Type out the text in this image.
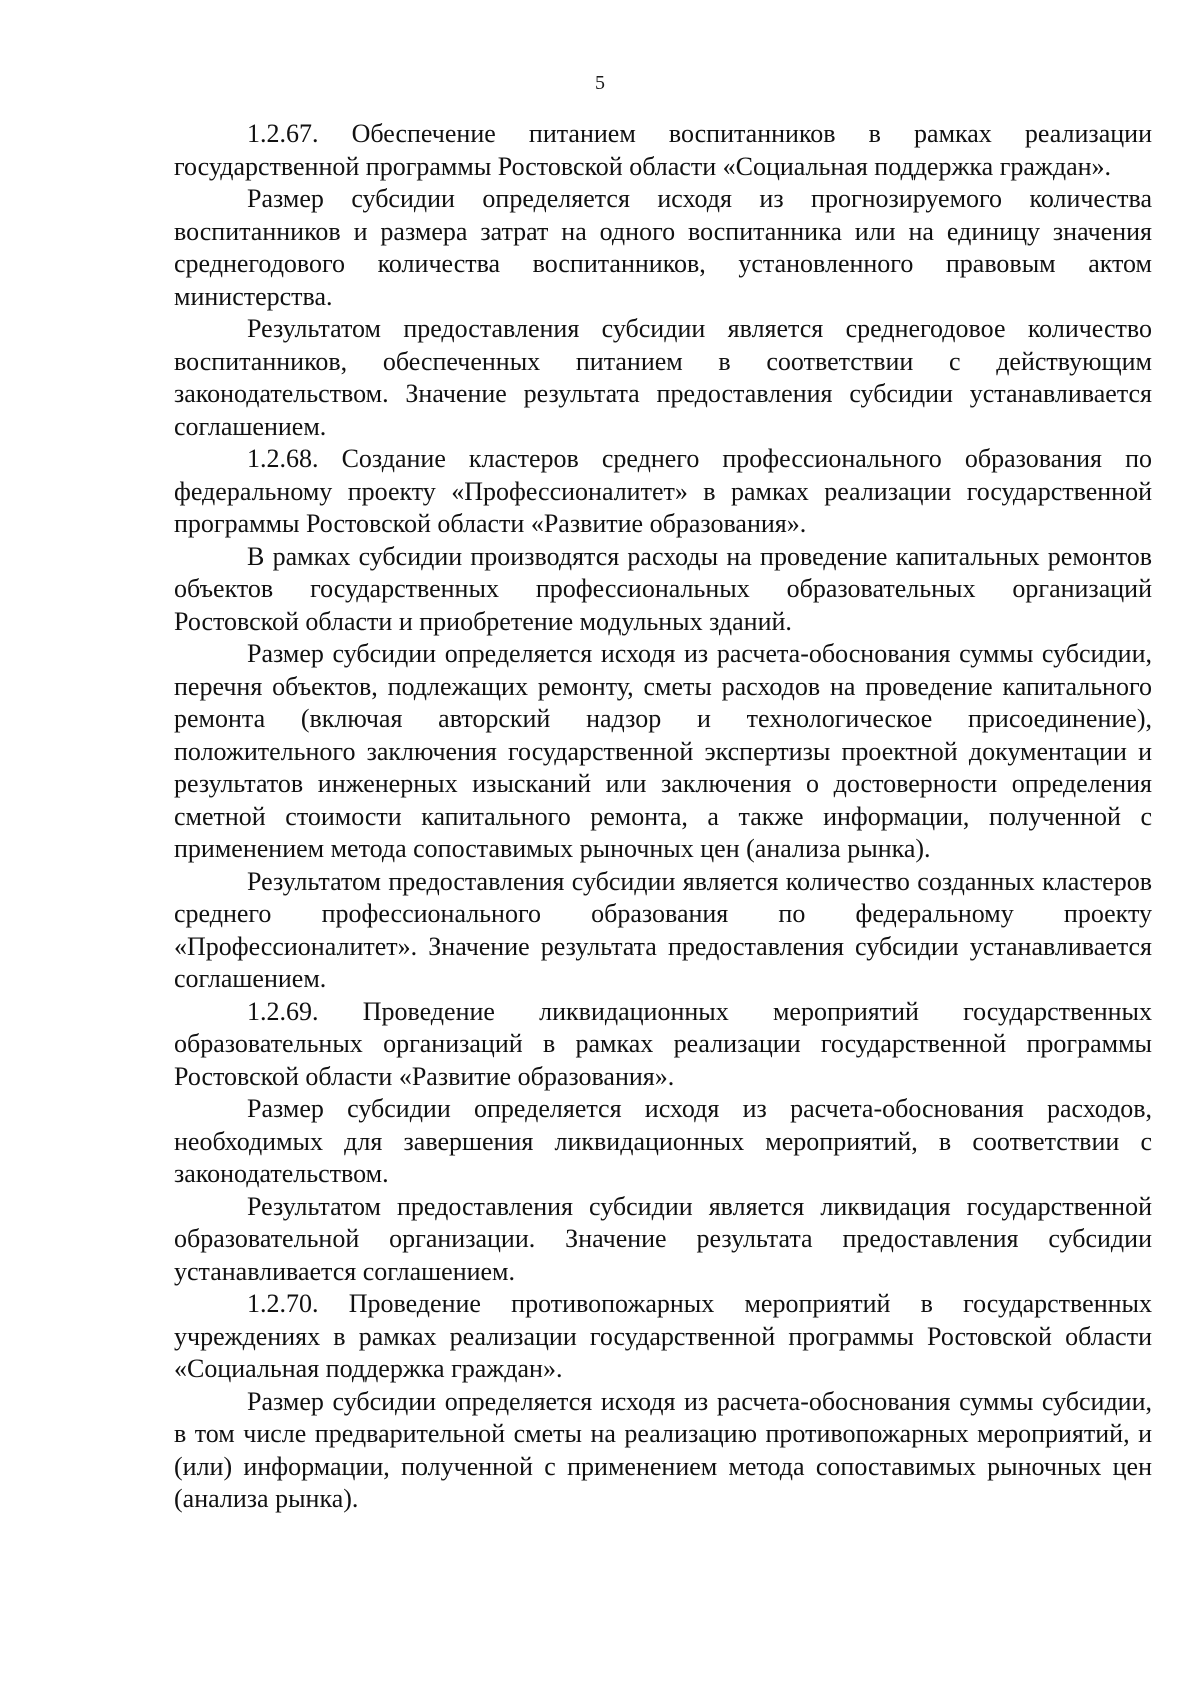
5

1.2.67. Обеспечение питанием воспитанников в рамках реализации государственной программы Ростовской области «Социальная поддержка граждан».

Размер субсидии определяется исходя из прогнозируемого количества воспитанников и размера затрат на одного воспитанника или на единицу значения среднегодового количества воспитанников, установленного правовым актом министерства.

Результатом предоставления субсидии является среднегодовое количество воспитанников, обеспеченных питанием в соответствии с действующим законодательством. Значение результата предоставления субсидии устанавливается соглашением.

1.2.68. Создание кластеров среднего профессионального образования по федеральному проекту «Профессионалитет» в рамках реализации государственной программы Ростовской области «Развитие образования».

В рамках субсидии производятся расходы на проведение капитальных ремонтов объектов государственных профессиональных образовательных организаций Ростовской области и приобретение модульных зданий.

Размер субсидии определяется исходя из расчета-обоснования суммы субсидии, перечня объектов, подлежащих ремонту, сметы расходов на проведение капитального ремонта (включая авторский надзор и технологическое присоединение), положительного заключения государственной экспертизы проектной документации и результатов инженерных изысканий или заключения о достоверности определения сметной стоимости капитального ремонта, а также информации, полученной с применением метода сопоставимых рыночных цен (анализа рынка).

Результатом предоставления субсидии является количество созданных кластеров среднего профессионального образования по федеральному проекту «Профессионалитет». Значение результата предоставления субсидии устанавливается соглашением.

1.2.69. Проведение ликвидационных мероприятий государственных образовательных организаций в рамках реализации государственной программы Ростовской области «Развитие образования».

Размер субсидии определяется исходя из расчета-обоснования расходов, необходимых для завершения ликвидационных мероприятий, в соответствии с законодательством.

Результатом предоставления субсидии является ликвидация государственной образовательной организации. Значение результата предоставления субсидии устанавливается соглашением.

1.2.70. Проведение противопожарных мероприятий в государственных учреждениях в рамках реализации государственной программы Ростовской области «Социальная поддержка граждан».

Размер субсидии определяется исходя из расчета-обоснования суммы субсидии, в том числе предварительной сметы на реализацию противопожарных мероприятий, и (или) информации, полученной с применением метода сопоставимых рыночных цен (анализа рынка).
